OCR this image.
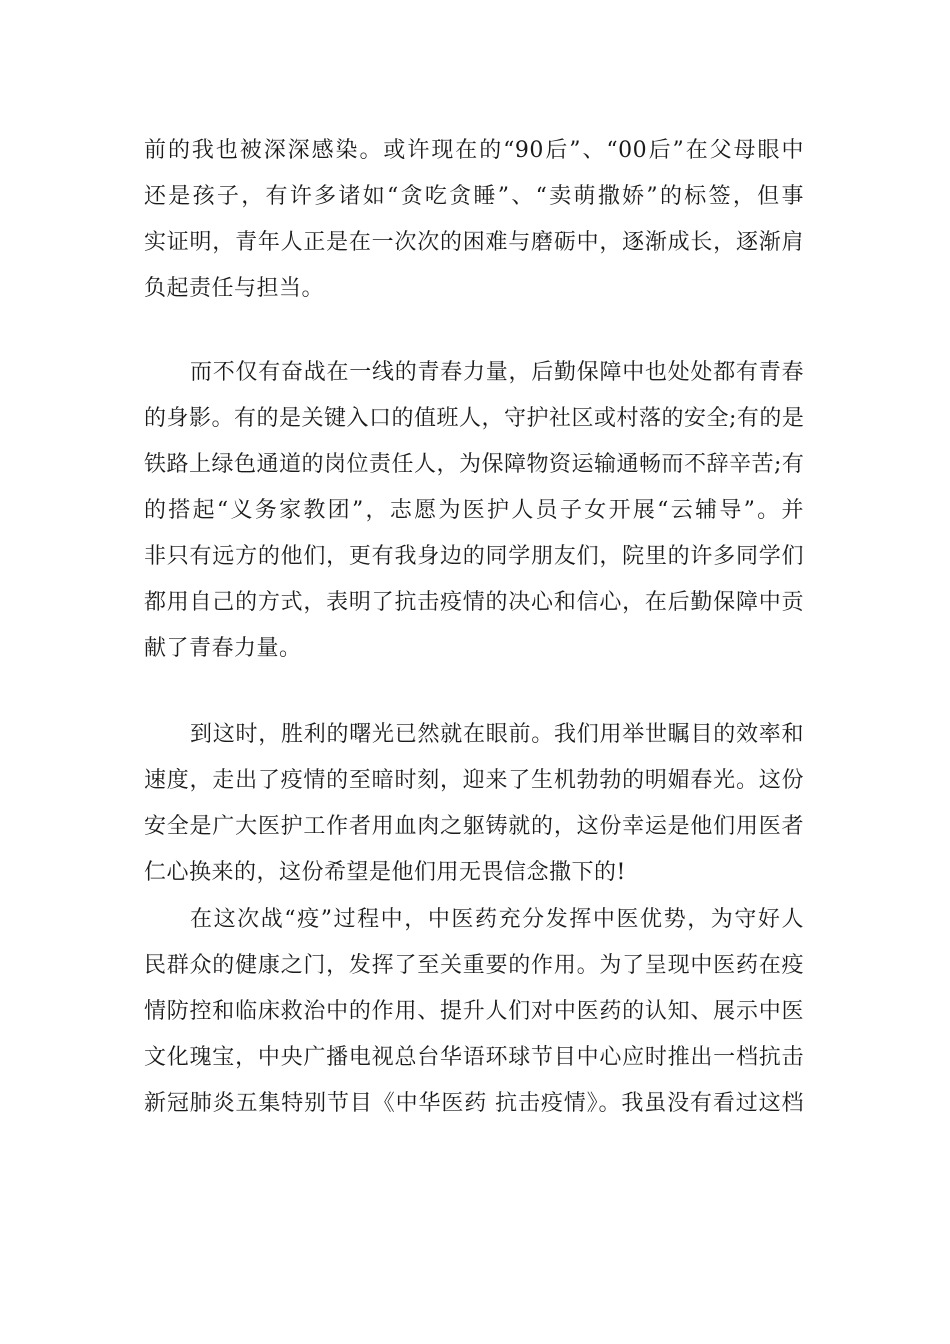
前的我也被深深感染。或许现在的“90后”、“00后”在父母眼中
还是孩子，有许多诸如“贪吃贪睡”、“卖萌撒娇”的标签，但事
实证明，青年人正是在一次次的困难与磨砺中，逐渐成长，逐渐肩
负起责任与担当。
而不仅有奋战在一线的青春力量，后勤保障中也处处都有青春
的身影。有的是关键入口的值班人，守护社区或村落的安全;有的是
铁路上绿色通道的岗位责任人，为保障物资运输通畅而不辞辛苦;有
的搭起“义务家教团”，志愿为医护人员子女开展“云辅导”。并
非只有远方的他们，更有我身边的同学朋友们，院里的许多同学们
都用自己的方式，表明了抗击疫情的决心和信心，在后勤保障中贡
献了青春力量。
到这时，胜利的曙光已然就在眼前。我们用举世瞩目的效率和
速度，走出了疫情的至暗时刻，迎来了生机勃勃的明媚春光。这份
安全是广大医护工作者用血肉之躯铸就的，这份幸运是他们用医者
仁心换来的，这份希望是他们用无畏信念撒下的!
在这次战“疫”过程中，中医药充分发挥中医优势，为守好人
民群众的健康之门，发挥了至关重要的作用。为了呈现中医药在疫
情防控和临床救治中的作用、提升人们对中医药的认知、展示中医
文化瑰宝，中央广播电视总台华语环球节目中心应时推出一档抗击
新冠肺炎五集特别节目《中华医药 抗击疫情》。我虽没有看过这档
